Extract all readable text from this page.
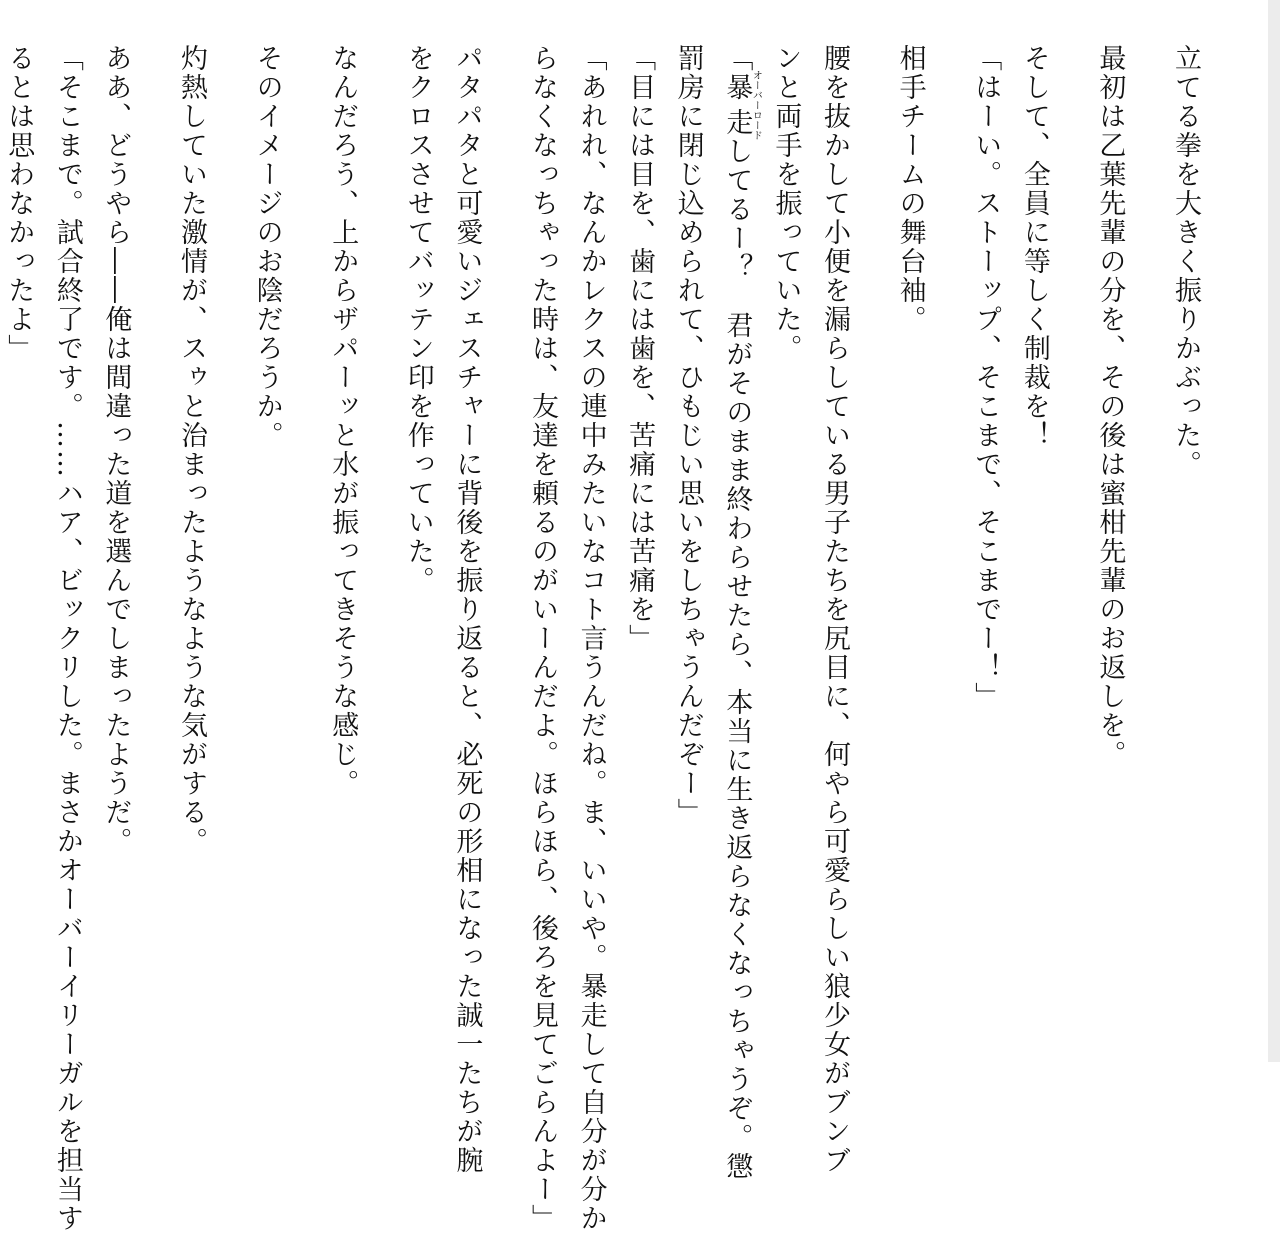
立てる拳を大きく振りかぶった。
最初は乙葉先輩の分を、その後は蜜柑先輩のお返しを。
そして、全員に等しく制裁を！
「はーい。ストーップ、そこまで、そこまでー！」
相手チームの舞台袖。
腰を抜かして小便を漏らしている男子たちを尻目に、何やら可愛らしい狼少女がブンブ
ンと両手を振っていた。
「暴走オーバーロードしてるー？　君がそのまま終わらせたら、本当に生き返らなくなっちゃうぞ。懲
罰房に閉じ込められて、ひもじい思いをしちゃうんだぞー」
「目には目を、歯には歯を、苦痛には苦痛を」
「あれれ、なんかレクスの連中みたいなコト言うんだね。ま、いいや。暴走して自分が分か
らなくなっちゃった時は、友達を頼るのがいーんだよ。ほらほら、後ろを見てごらんよー」
パタパタと可愛いジェスチャーに背後を振り返ると、必死の形相になった誠一たちが腕
をクロスさせてバッテン印を作っていた。
なんだろう、上からザパーッと水が振ってきそうな感じ。
そのイメージのお陰だろうか。
灼熱していた激情が、スゥと治まったようなような気がする。
ああ、どうやら――俺は間違った道を選んでしまったようだ。
「そこまで。試合終了です。……ハア、ビックリした。まさかオーバーイリーガルを担当す
るとは思わなかったよ」
